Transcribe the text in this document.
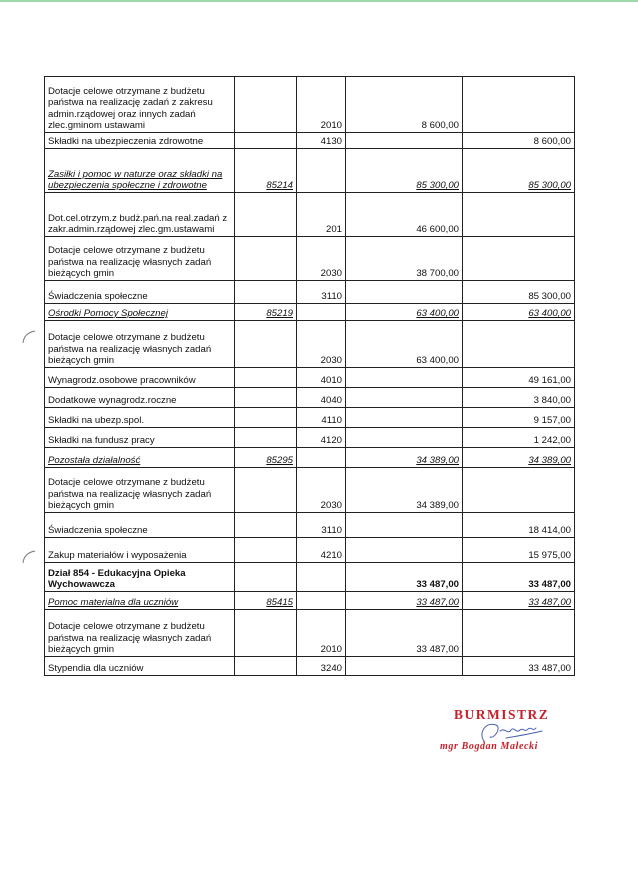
Dotacje celowe otrzymane z budżetu państwa na realizację zadań z zakresu admin.rządowej oraz innych zadań zlec.gminom ustawami		2010	8 600,00	
Składki na ubezpieczenia zdrowotne		4130		8 600,00
Zasiłki i pomoc w naturze oraz składki na ubezpieczenia społeczne i zdrowotne	85214		85 300,00	85 300,00
Dot.cel.otrzym.z budż.pań.na real.zadań z zakr.admin.rządowej zlec.gm.ustawami		201	46 600,00	
Dotacje celowe otrzymane z budżetu państwa na realizację własnych zadań bieżących gmin		2030	38 700,00	
Świadczenia społeczne		3110		85 300,00
Ośrodki Pomocy Społecznej	85219		63 400,00	63 400,00
Dotacje celowe otrzymane z budżetu państwa na realizację własnych zadań bieżących gmin		2030	63 400,00	
Wynagrodz.osobowe pracowników		4010		49 161,00
Dodatkowe wynagrodz.roczne		4040		3 840,00
Składki na ubezp.spol.		4110		9 157,00
Składki na fundusz pracy		4120		1 242,00
Pozostała działalność	85295		34 389,00	34 389,00
Dotacje celowe otrzymane z budżetu państwa na realizację własnych zadań bieżących gmin		2030	34 389,00	
Świadczenia społeczne		3110		18 414,00
Zakup materiałów i wyposażenia		4210		15 975,00
Dział 854 - Edukacyjna Opieka Wychowawcza			33 487,00	33 487,00
Pomoc materialna dla uczniów	85415		33 487,00	33 487,00
Dotacje celowe otrzymane z budżetu państwa na realizację własnych zadań bieżących gmin		2010	33 487,00	
Stypendia dla uczniów		3240		33 487,00
BURMISTRZ
mgr Bogdan Małecki
